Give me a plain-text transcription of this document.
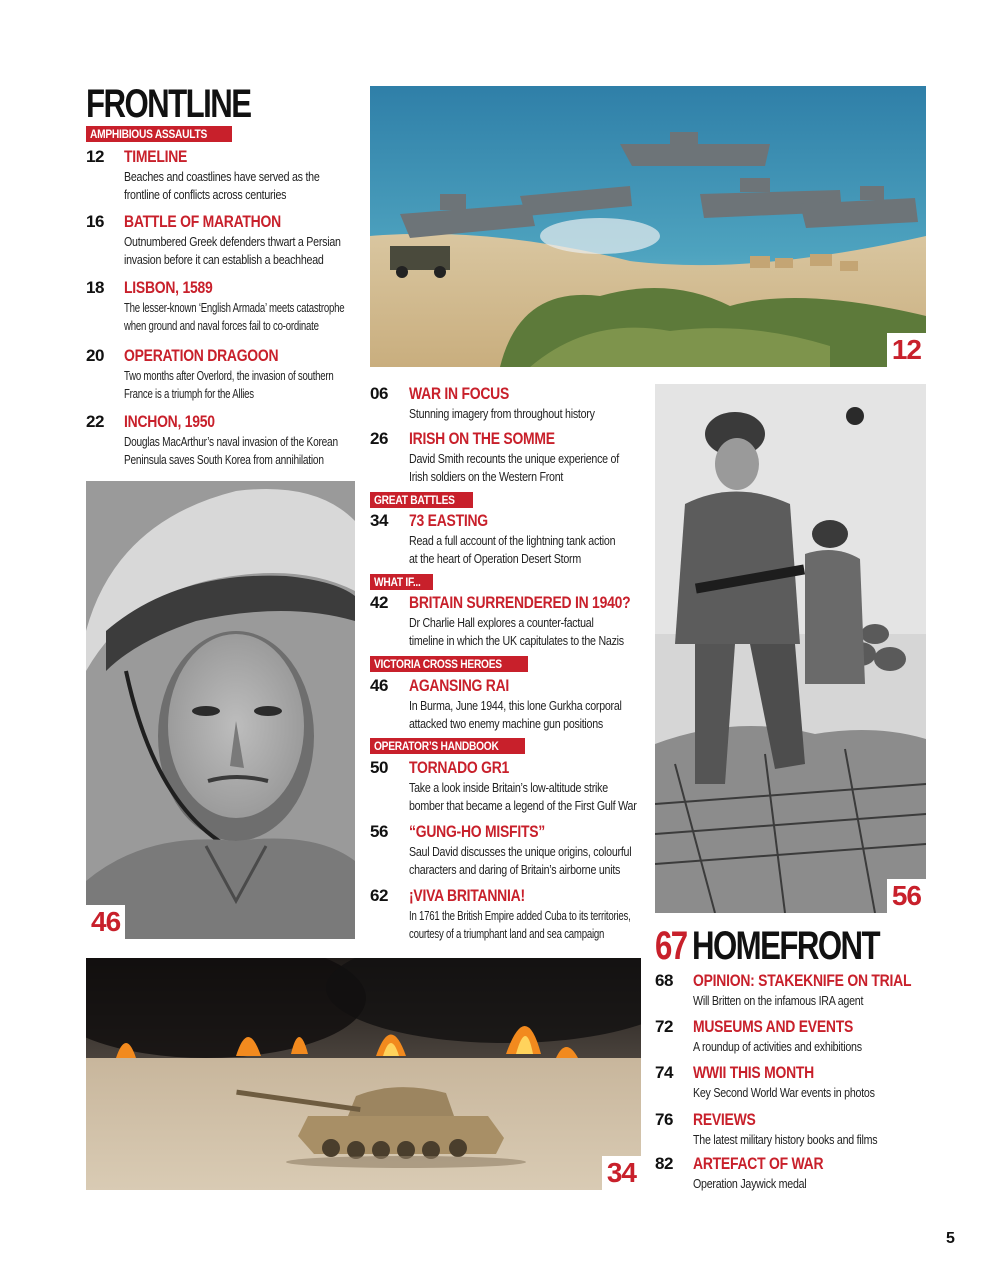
FRONTLINE
AMPHIBIOUS ASSAULTS
12 TIMELINE
Beaches and coastlines have served as the
frontline of conflicts across centuries
16 BATTLE OF MARATHON
Outnumbered Greek defenders thwart a Persian
invasion before it can establish a beachhead
18 LISBON, 1589
The lesser-known ‘English Armada’ meets catastrophe
when ground and naval forces fail to co-ordinate
20 OPERATION DRAGOON
Two months after Overlord, the invasion of southern
France is a triumph for the Allies
22 INCHON, 1950
Douglas MacArthur’s naval invasion of the Korean
Peninsula saves South Korea from annihilation
12
06 WAR IN FOCUS
Stunning imagery from throughout history
26 IRISH ON THE SOMME
David Smith recounts the unique experience of
Irish soldiers on the Western Front
GREAT BATTLES
34 73 EASTING
Read a full account of the lightning tank action
at the heart of Operation Desert Storm
WHAT IF...
42 BRITAIN SURRENDERED IN 1940?
Dr Charlie Hall explores a counter-factual
timeline in which the UK capitulates to the Nazis
VICTORIA CROSS HEROES
46 AGANSING RAI
In Burma, June 1944, this lone Gurkha corporal
attacked two enemy machine gun positions
OPERATOR’S HANDBOOK
50 TORNADO GR1
Take a look inside Britain’s low-altitude strike
bomber that became a legend of the First Gulf War
56 “GUNG-HO MISFITS”
Saul David discusses the unique origins, colourful
characters and daring of Britain’s airborne units
62 ¡VIVA BRITANNIA!
In 1761 the British Empire added Cuba to its territories,
courtesy of a triumphant land and sea campaign
46
56
67 HOMEFRONT
68 OPINION: STAKEKNIFE ON TRIAL
Will Britten on the infamous IRA agent
72 MUSEUMS AND EVENTS
A roundup of activities and exhibitions
74 WWII THIS MONTH
Key Second World War events in photos
76 REVIEWS
The latest military history books and films
82 ARTEFACT OF WAR
Operation Jaywick medal
34
5
